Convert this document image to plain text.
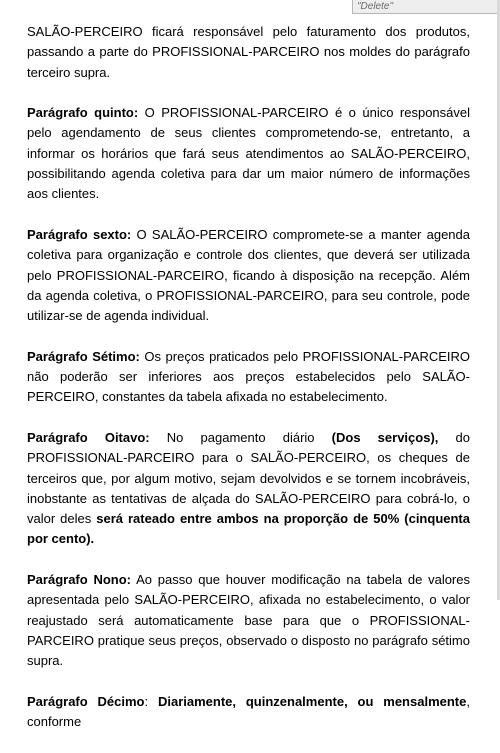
"Delete"

SALÃO-PERCEIRO ficará responsável pelo faturamento dos produtos, passando a parte do PROFISSIONAL-PARCEIRO nos moldes do parágrafo terceiro supra.

Parágrafo quinto: O PROFISSIONAL-PARCEIRO é o único responsável pelo agendamento de seus clientes comprometendo-se, entretanto, a informar os horários que fará seus atendimentos ao SALÃO-PERCEIRO, possibilitando agenda coletiva para dar um maior número de informações aos clientes.

Parágrafo sexto: O SALÃO-PERCEIRO compromete-se a manter agenda coletiva para organização e controle dos clientes, que deverá ser utilizada pelo PROFISSIONAL-PARCEIRO, ficando à disposição na recepção. Além da agenda coletiva, o PROFISSIONAL-PARCEIRO, para seu controle, pode utilizar-se de agenda individual.

Parágrafo Sétimo: Os preços praticados pelo PROFISSIONAL-PARCEIRO não poderão ser inferiores aos preços estabelecidos pelo SALÃO-PERCEIRO, constantes da tabela afixada no estabelecimento.

Parágrafo Oitavo: No pagamento diário (Dos serviços), do PROFISSIONAL-PARCEIRO para o SALÃO-PERCEIRO, os cheques de terceiros que, por algum motivo, sejam devolvidos e se tornem incobráveis, inobstante as tentativas de alçada do SALÃO-PERCEIRO para cobrá-lo, o valor deles será rateado entre ambos na proporção de 50% (cinquenta por cento).

Parágrafo Nono: Ao passo que houver modificação na tabela de valores apresentada pelo SALÃO-PERCEIRO, afixada no estabelecimento, o valor reajustado será automaticamente base para que o PROFISSIONAL-PARCEIRO pratique seus preços, observado o disposto no parágrafo sétimo supra.

Parágrafo Décimo: Diariamente, quinzenalmente, ou mensalmente, conforme
